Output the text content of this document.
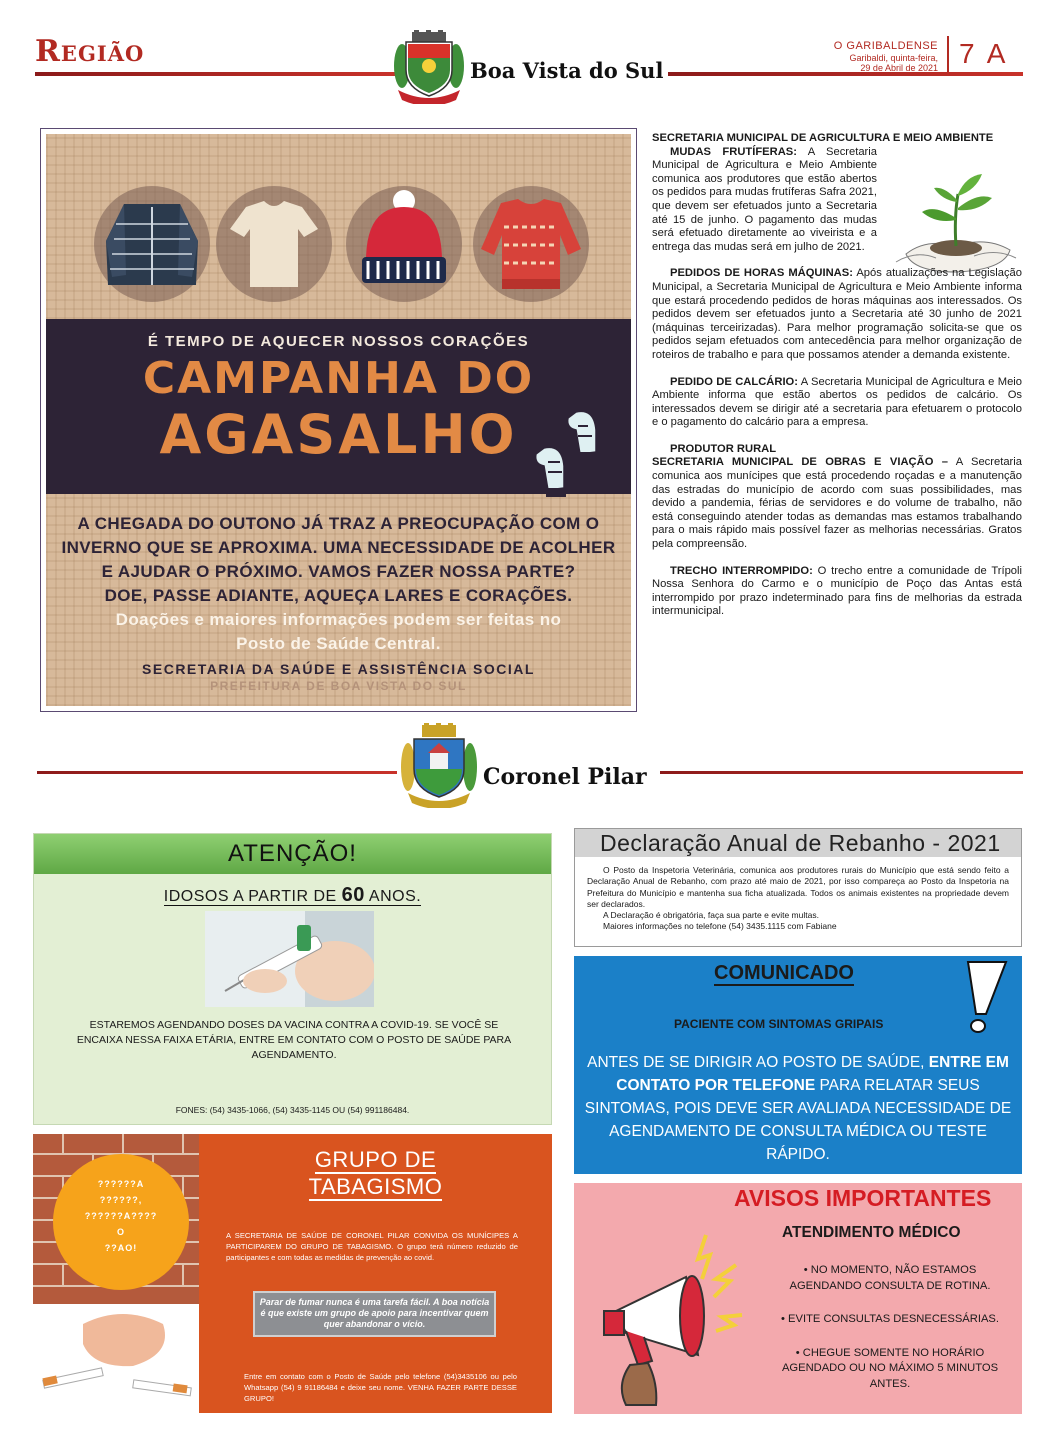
Região
Boa Vista do Sul
O GARIBALDENSE
Garibaldi, quinta-feira,
29 de Abril de 2021 7 A
É TEMPO DE AQUECER NOSSOS CORAÇÕES
CAMPANHA DO
AGASALHO
A CHEGADA DO OUTONO JÁ TRAZ A PREOCUPAÇÃO COM O
INVERNO QUE SE APROXIMA. UMA NECESSIDADE DE ACOLHER
E AJUDAR O PRÓXIMO. VAMOS FAZER NOSSA PARTE?
DOE, PASSE ADIANTE, AQUEÇA LARES E CORAÇÕES.
Doações e maiores informações podem ser feitas no
Posto de Saúde Central.
SECRETARIA DA SAÚDE E ASSISTÊNCIA SOCIAL
PREFEITURA DE BOA VISTA DO SUL
SECRETARIA MUNICIPAL DE AGRICULTURA E MEIO AMBIENTE

MUDAS FRUTÍFERAS: A Secretaria Municipal de Agricultura e Meio Ambiente comunica aos produtores que estão abertos os pedidos para mudas frutíferas Safra 2021, que devem ser efetuados junto a Secretaria até 15 de junho. O pagamento das mudas será efetuado diretamente ao viveirista e a entrega das mudas será em julho de 2021.

PEDIDOS DE HORAS MÁQUINAS: Após atualizações na Legislação Municipal, a Secretaria Municipal de Agricultura e Meio Ambiente informa que estará procedendo pedidos de horas máquinas aos interessados. Os pedidos devem ser efetuados junto a Secretaria até 30 junho de 2021 (máquinas terceirizadas). Para melhor programação solicita-se que os pedidos sejam efetuados com antecedência para melhor organização de roteiros de trabalho e para que possamos atender a demanda existente.

PEDIDO DE CALCÁRIO: A Secretaria Municipal de Agricultura e Meio Ambiente informa que estão abertos os pedidos de calcário. Os interessados devem se dirigir até a secretaria para efetuarem o protocolo e o pagamento do calcário para a empresa.

PRODUTOR RURAL

SECRETARIA MUNICIPAL DE OBRAS E VIAÇÃO – A Secretaria comunica aos munícipes que está procedendo roçadas e a manutenção das estradas do município de acordo com suas possibilidades, mas devido a pandemia, férias de servidores e do volume de trabalho, não está conseguindo atender todas as demandas mas estamos trabalhando para o mais rápido mais possível fazer as melhorias necessárias. Gratos pela compreensão.

TRECHO INTERROMPIDO: O trecho entre a comunidade de Trípoli Nossa Senhora do Carmo e o município de Poço das Antas está interrompido por prazo indeterminado para fins de melhorias da estrada intermunicipal.

Coronel Pilar
ATENÇÃO!
IDOSOS A PARTIR DE 60 ANOS.
ESTAREMOS AGENDANDO DOSES DA VACINA CONTRA A COVID-19. SE VOCÊ SE ENCAIXA NESSA FAIXA ETÁRIA, ENTRE EM CONTATO COM O POSTO DE SAÚDE PARA AGENDAMENTO.
FONES: (54) 3435-1066, (54) 3435-1145 OU (54) 991186484.
??????A
??????,
??????A????
O
??AO!
GRUPO DE
TABAGISMO
A SECRETARIA DE SAÚDE DE CORONEL PILAR CONVIDA OS MUNÍCIPES A PARTICIPAREM DO GRUPO DE TABAGISMO. O grupo terá número reduzido de participantes e com todas as medidas de prevenção ao covid.
Parar de fumar nunca é uma tarefa fácil. A boa notícia é que existe um grupo de apoio para incentivar quem quer abandonar o vício.
Entre em contato com o Posto de Saúde pelo telefone (54)3435106 ou pelo Whatsapp (54) 9 91186484 e deixe seu nome. VENHA FAZER PARTE DESSE GRUPO!
Declaração Anual de Rebanho - 2021

O Posto da Inspetoria Veterinária, comunica aos produtores rurais do Município que está sendo feito a Declaração Anual de Rebanho, com prazo até maio de 2021, por isso compareça ao Posto da Inspetoria na Prefeitura do Município e mantenha sua ficha atualizada. Todos os animais existentes na propriedade devem ser declarados.

A Declaração é obrigatória, faça sua parte e evite multas.

Maiores informações no telefone (54) 3435.1115 com Fabiane

COMUNICADO
PACIENTE COM SINTOMAS GRIPAIS
ANTES DE SE DIRIGIR AO POSTO DE SAÚDE, ENTRE EM CONTATO POR TELEFONE PARA RELATAR SEUS SINTOMAS, POIS DEVE SER AVALIADA NECESSIDADE DE AGENDAMENTO DE CONSULTA MÉDICA OU TESTE RÁPIDO.
AVISOS IMPORTANTES
ATENDIMENTO MÉDICO
• NO MOMENTO, NÃO ESTAMOS AGENDANDO CONSULTA DE ROTINA.
• EVITE CONSULTAS DESNECESSÁRIAS.
• CHEGUE SOMENTE NO HORÁRIO AGENDADO OU NO MÁXIMO 5 MINUTOS ANTES.
